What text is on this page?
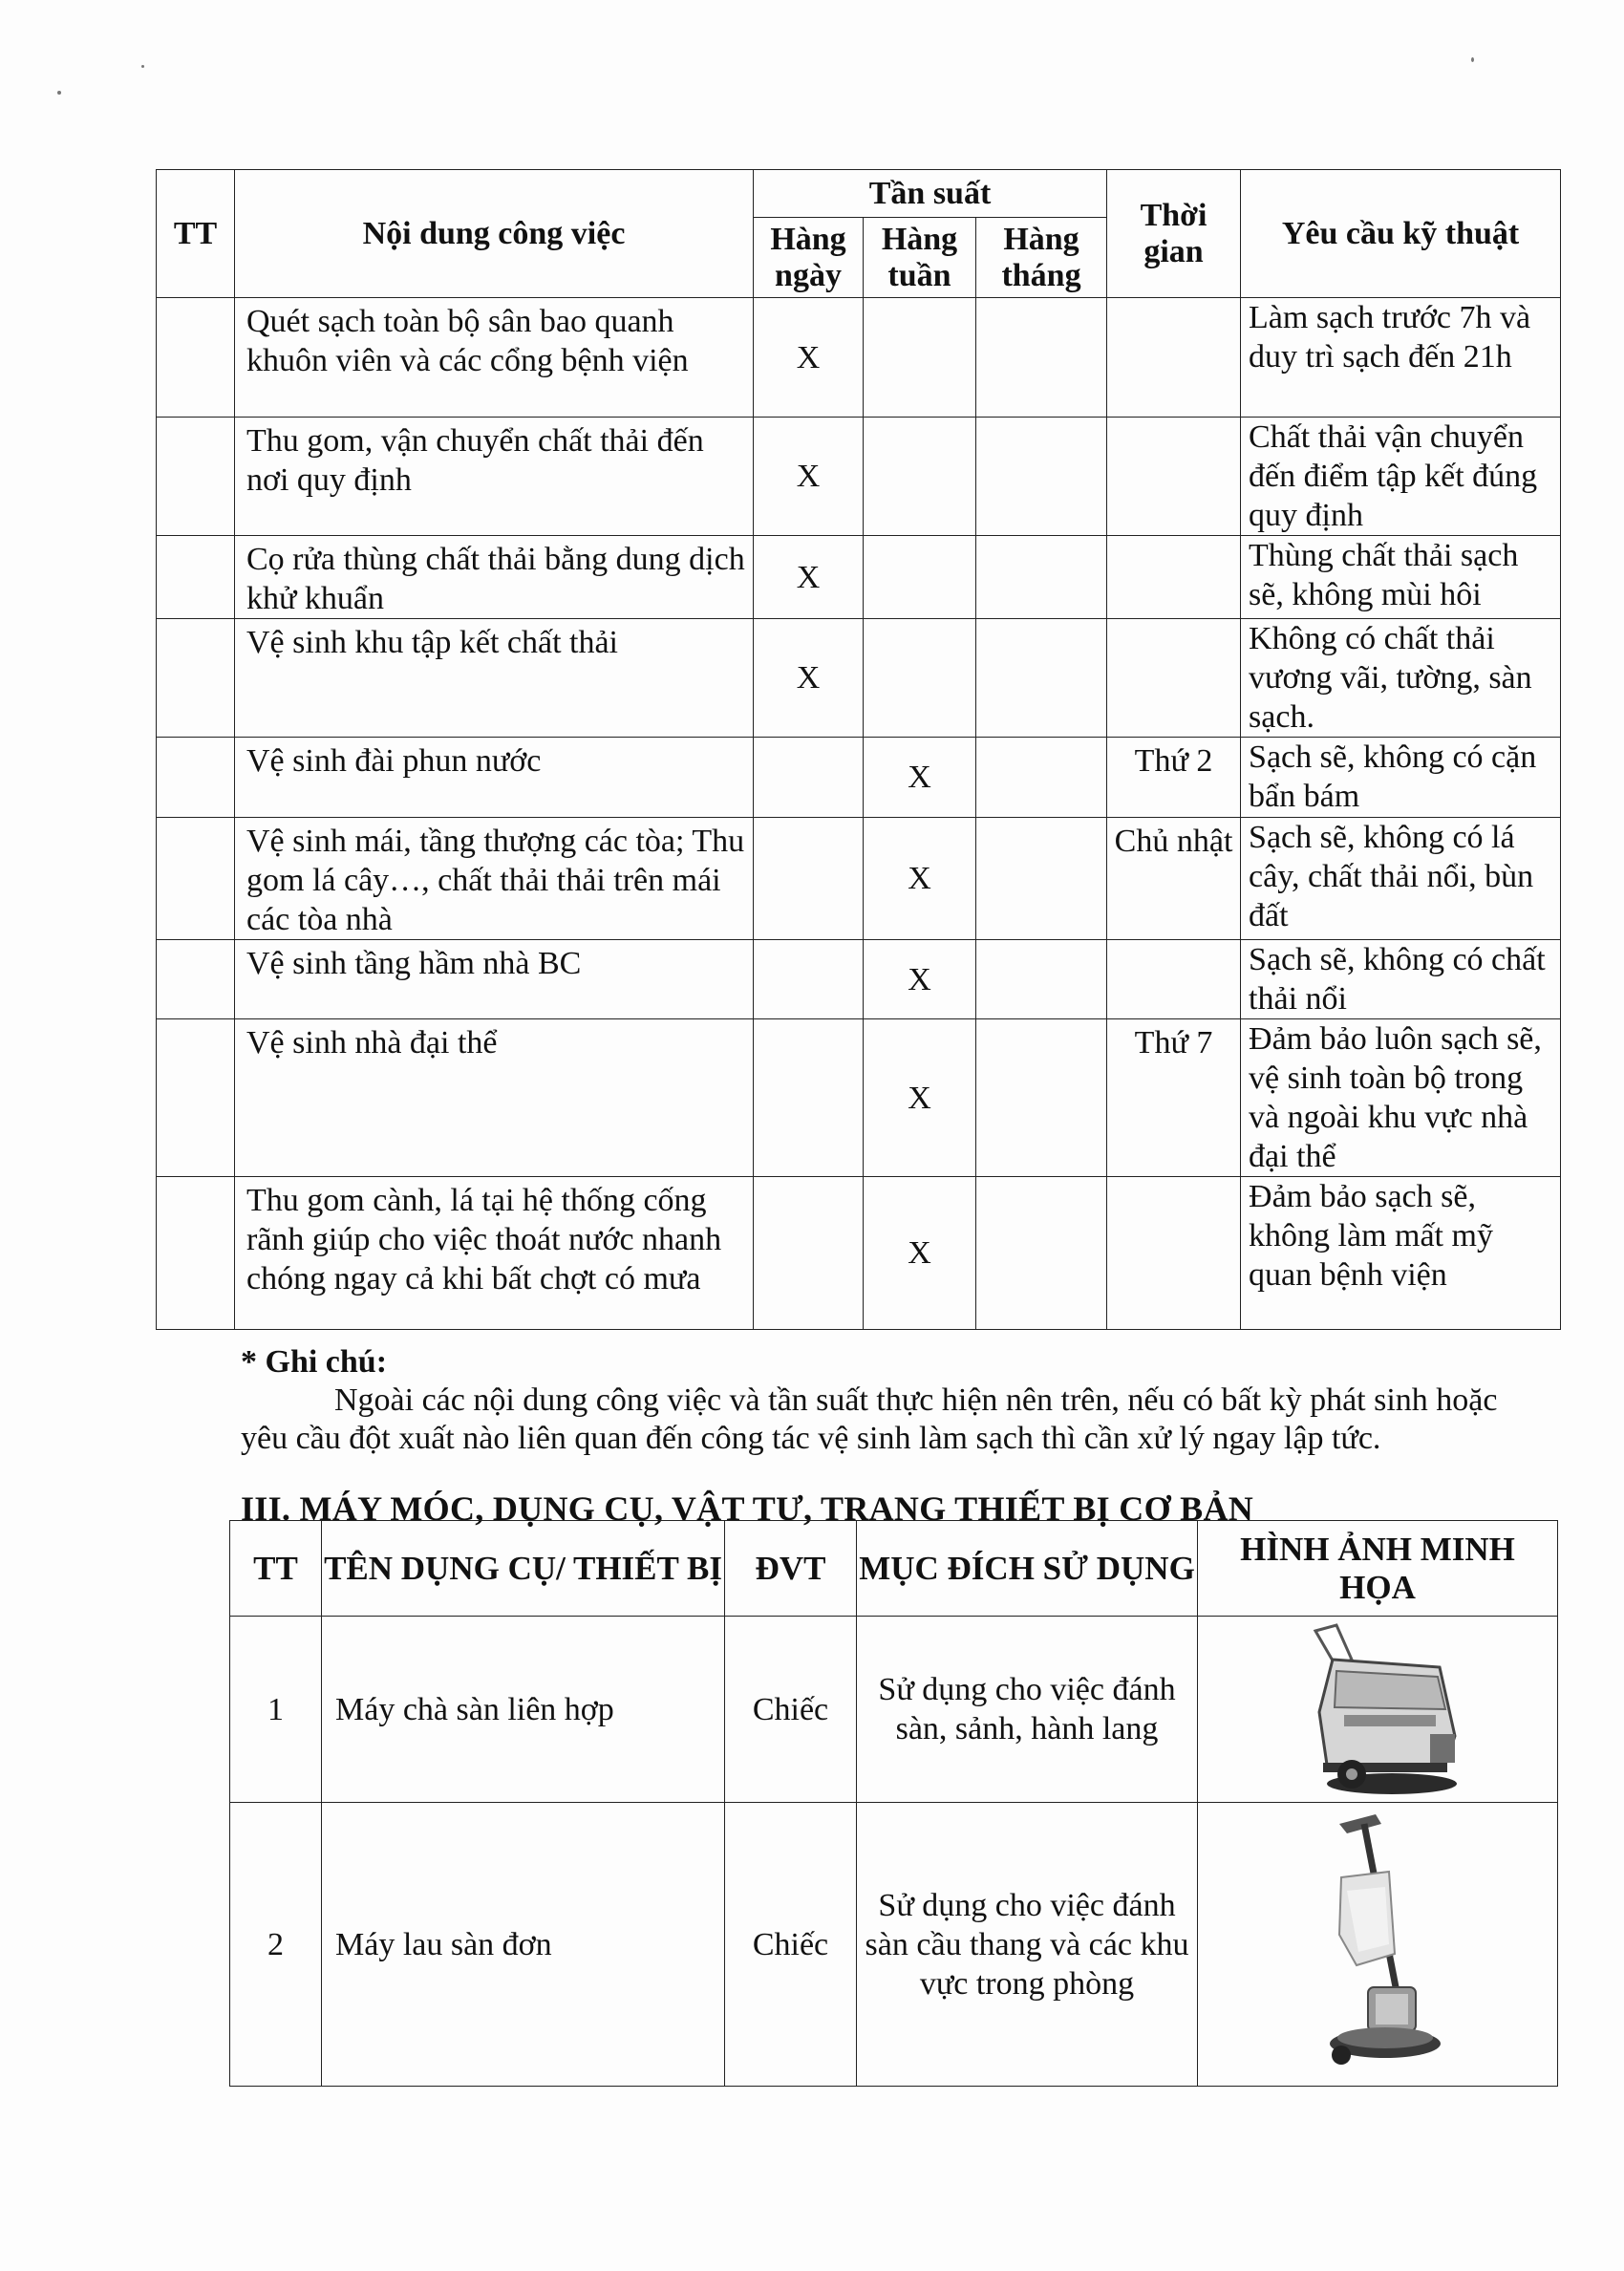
TT	Nội dung công việc	Tần suất			Thời gian	Yêu cầu kỹ thuật
		Hàng ngày	Hàng tuần	Hàng tháng		
	Quét sạch toàn bộ sân bao quanh khuôn viên và các cổng bệnh viện	X				Làm sạch trước 7h và duy trì sạch đến 21h
	Thu gom, vận chuyển chất thải đến nơi quy định	X				Chất thải vận chuyển đến điểm tập kết đúng quy định
	Cọ rửa thùng chất thải bằng dung dịch khử khuẩn	X				Thùng chất thải sạch sẽ, không mùi hôi
	Vệ sinh khu tập kết chất thải	X				Không có chất thải vương vãi, tường, sàn sạch.
	Vệ sinh đài phun nước		X		Thứ 2	Sạch sẽ, không có cặn bẩn bám
	Vệ sinh mái, tầng thượng các tòa; Thu gom lá cây…, chất thải thải trên mái các tòa nhà		X		Chủ nhật	Sạch sẽ, không có lá cây, chất thải nổi, bùn đất
	Vệ sinh tầng hầm nhà BC		X			Sạch sẽ, không có chất thải nổi
	Vệ sinh nhà đại thể		X		Thứ 7	Đảm bảo luôn sạch sẽ, vệ sinh toàn bộ trong và ngoài khu vực nhà đại thể
	Thu gom cành, lá tại hệ thống cống rãnh giúp cho việc thoát nước nhanh chóng ngay cả khi bất chợt có mưa		X			Đảm bảo sạch sẽ, không làm mất mỹ quan bệnh viện
* Ghi chú:
Ngoài các nội dung công việc và tần suất thực hiện nên trên, nếu có bất kỳ phát sinh hoặc yêu cầu đột xuất nào liên quan đến công tác vệ sinh làm sạch thì cần xử lý ngay lập tức.
III. MÁY MÓC, DỤNG CỤ, VẬT TƯ, TRANG THIẾT BỊ CƠ BẢN
TT	TÊN DỤNG CỤ/ THIẾT BỊ	ĐVT	MỤC ĐÍCH SỬ DỤNG	HÌNH ẢNH MINH HỌA
1	Máy chà sàn liên hợp	Chiếc	Sử dụng cho việc đánh sàn, sảnh, hành lang	

2	Máy lau sàn đơn	Chiếc	Sử dụng cho việc đánh sàn cầu thang và các khu vực trong phòng	
